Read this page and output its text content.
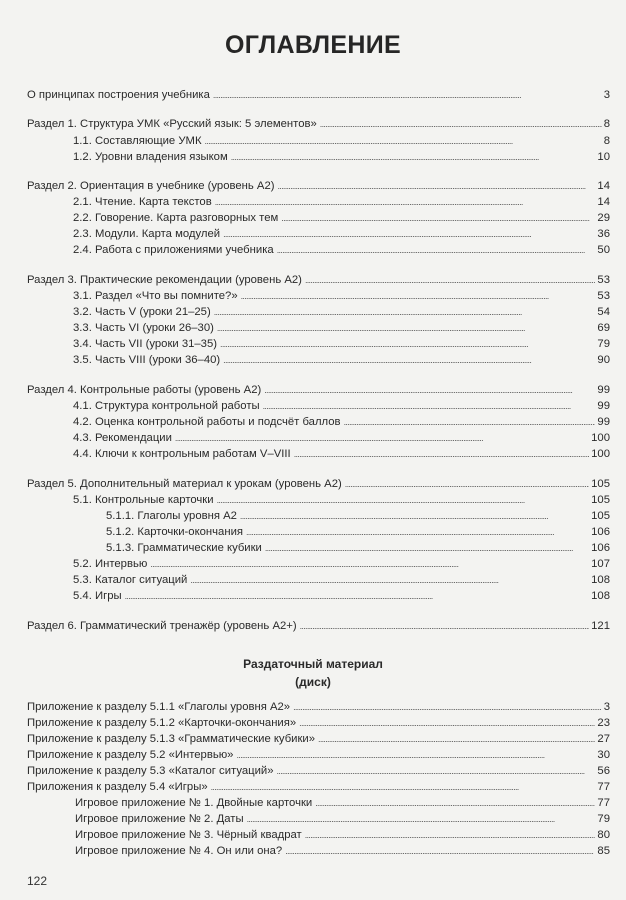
ОГЛАВЛЕНИЕ
О принципах построения учебника . . .	3
Раздел 1. Структура УМК «Русский язык: 5 элементов» . . .	8
1.1. Составляющие УМК . . .	8
1.2. Уровни владения языком . . .	10
Раздел 2. Ориентация в учебнике (уровень А2) . . .	14
2.1. Чтение. Карта текстов . . .	14
2.2. Говорение. Карта разговорных тем . . .	29
2.3. Модули. Карта модулей . . .	36
2.4. Работа с приложениями учебника . . .	50
Раздел 3. Практические рекомендации (уровень А2) . . .	53
3.1. Раздел «Что вы помните?» . . .	53
3.2. Часть V (уроки 21–25) . . .	54
3.3. Часть VI (уроки 26–30) . . .	69
3.4. Часть VII (уроки 31–35) . . .	79
3.5. Часть VIII (уроки 36–40) . . .	90
Раздел 4. Контрольные работы (уровень А2) . . .	99
4.1. Структура контрольной работы . . .	99
4.2. Оценка контрольной работы и подсчёт баллов . . .	99
4.3. Рекомендации . . .	100
4.4. Ключи к контрольным работам V–VIII . . .	100
Раздел 5. Дополнительный материал к урокам (уровень А2) . . .	105
5.1. Контрольные карточки . . .	105
5.1.1. Глаголы уровня А2 . . .	105
5.1.2. Карточки-окончания . . .	106
5.1.3. Грамматические кубики . . .	106
5.2. Интервью . . .	107
5.3. Каталог ситуаций . . .	108
5.4. Игры . . .	108
Раздел 6. Грамматический тренажёр (уровень А2+) . . .	121
Раздаточный материал
(диск)
Приложение к разделу 5.1.1 «Глаголы уровня А2» . . .	3
Приложение к разделу 5.1.2 «Карточки-окончания» . . .	23
Приложение к разделу 5.1.3 «Грамматические кубики» . . .	27
Приложение к разделу 5.2 «Интервью» . . .	30
Приложение к разделу 5.3 «Каталог ситуаций» . . .	56
Приложения к разделу 5.4 «Игры» . . .	77
Игровое приложение № 1. Двойные карточки . . .	77
Игровое приложение № 2. Даты . . .	79
Игровое приложение № 3. Чёрный квадрат . . .	80
Игровое приложение № 4. Он или она? . . .	85
122
